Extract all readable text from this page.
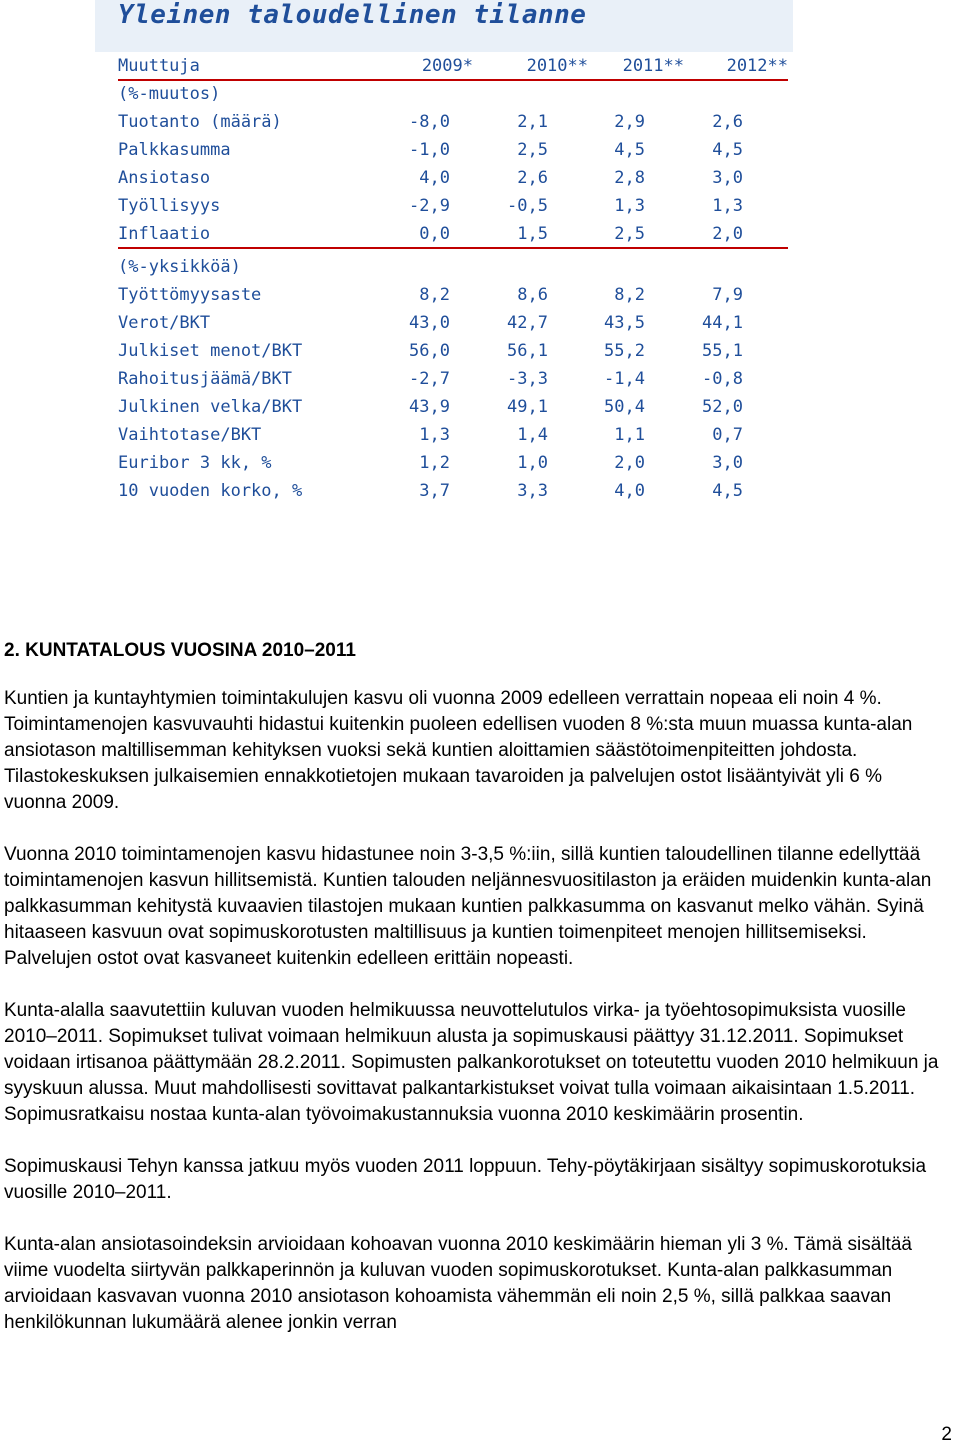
Yleinen taloudellinen tilanne
Muuttuja	2009*	2010** 2011**	2012**
(%-muutos)
Tuotanto (määrä)	-8,0	2,1	2,9	2,6
Palkkasumma	-1,0	2,5	4,5	4,5
Ansiotaso	4,0	2,6	2,8	3,0
Työllisyys	-2,9	-0,5	1,3	1,3
Inflaatio	0,0	1,5	2,5	2,0
(%-yksikköä)
Työttömyysaste	8,2	8,6	8,2	7,9
Verot/BKT	43,0	42,7	43,5	44,1
Julkiset menot/BKT	56,0	56,1	55,2	55,1
Rahoitusjäämä/BKT	-2,7	-3,3	-1,4	-0,8
Julkinen velka/BKT	43,9	49,1	50,4	52,0
Vaihtotase/BKT	1,3	1,4	1,1	0,7
Euribor 3 kk, %	1,2	1,0	2,0	3,0
10 vuoden korko, %	3,7	3,3	4,0	4,5

2. KUNTATALOUS VUOSINA 2010–2011

Kuntien ja kuntayhtymien toimintakulujen kasvu oli vuonna 2009 edelleen verrattain nopeaa eli noin 4 %. Toimintamenojen kasvuvauhti hidastui kuitenkin puoleen edellisen vuoden 8 %:sta muun muassa kunta-alan ansiotason maltillisemman kehityksen vuoksi sekä kuntien aloittamien säästötoimenpiteitten johdosta. Tilastokeskuksen julkaisemien ennakkotietojen mukaan tavaroiden ja palvelujen ostot lisääntyivät yli 6 % vuonna 2009.

Vuonna 2010 toimintamenojen kasvu hidastunee noin 3-3,5 %:iin, sillä kuntien taloudellinen tilanne edellyttää toimintamenojen kasvun hillitsemistä. Kuntien talouden neljännesvuositilaston ja eräiden muidenkin kunta-alan palkkasumman kehitystä kuvaavien tilastojen mukaan kuntien palkkasumma on kasvanut melko vähän. Syinä hitaaseen kasvuun ovat sopimuskorotusten maltillisuus ja kuntien toimenpiteet menojen hillitsemiseksi. Palvelujen ostot ovat kasvaneet kuitenkin edelleen erittäin nopeasti.

Kunta-alalla saavutettiin kuluvan vuoden helmikuussa neuvottelutulos virka- ja työehtosopimuksista vuosille 2010–2011. Sopimukset tulivat voimaan helmikuun alusta ja sopimuskausi päättyy 31.12.2011. Sopimukset voidaan irtisanoa päättymään 28.2.2011. Sopimusten palkankorotukset on toteutettu vuoden 2010 helmikuun ja syyskuun alussa. Muut mahdollisesti sovittavat palkantarkistukset voivat tulla voimaan aikaisintaan 1.5.2011. Sopimusratkaisu nostaa kunta-alan työvoimakustannuksia vuonna 2010 keskimäärin prosentin.

Sopimuskausi Tehyn kanssa jatkuu myös vuoden 2011 loppuun. Tehy-pöytäkirjaan sisältyy sopimuskorotuksia vuosille 2010–2011.

Kunta-alan ansiotasoindeksin arvioidaan kohoavan vuonna 2010 keskimäärin hieman yli 3 %. Tämä sisältää viime vuodelta siirtyvän palkkaperinnön ja kuluvan vuoden sopimuskorotukset. Kunta-alan palkkasumman arvioidaan kasvavan vuonna 2010 ansiotason kohoamista vähemmän eli noin 2,5 %, sillä palkkaa saavan henkilökunnan lukumäärä alenee jonkin verran

2
